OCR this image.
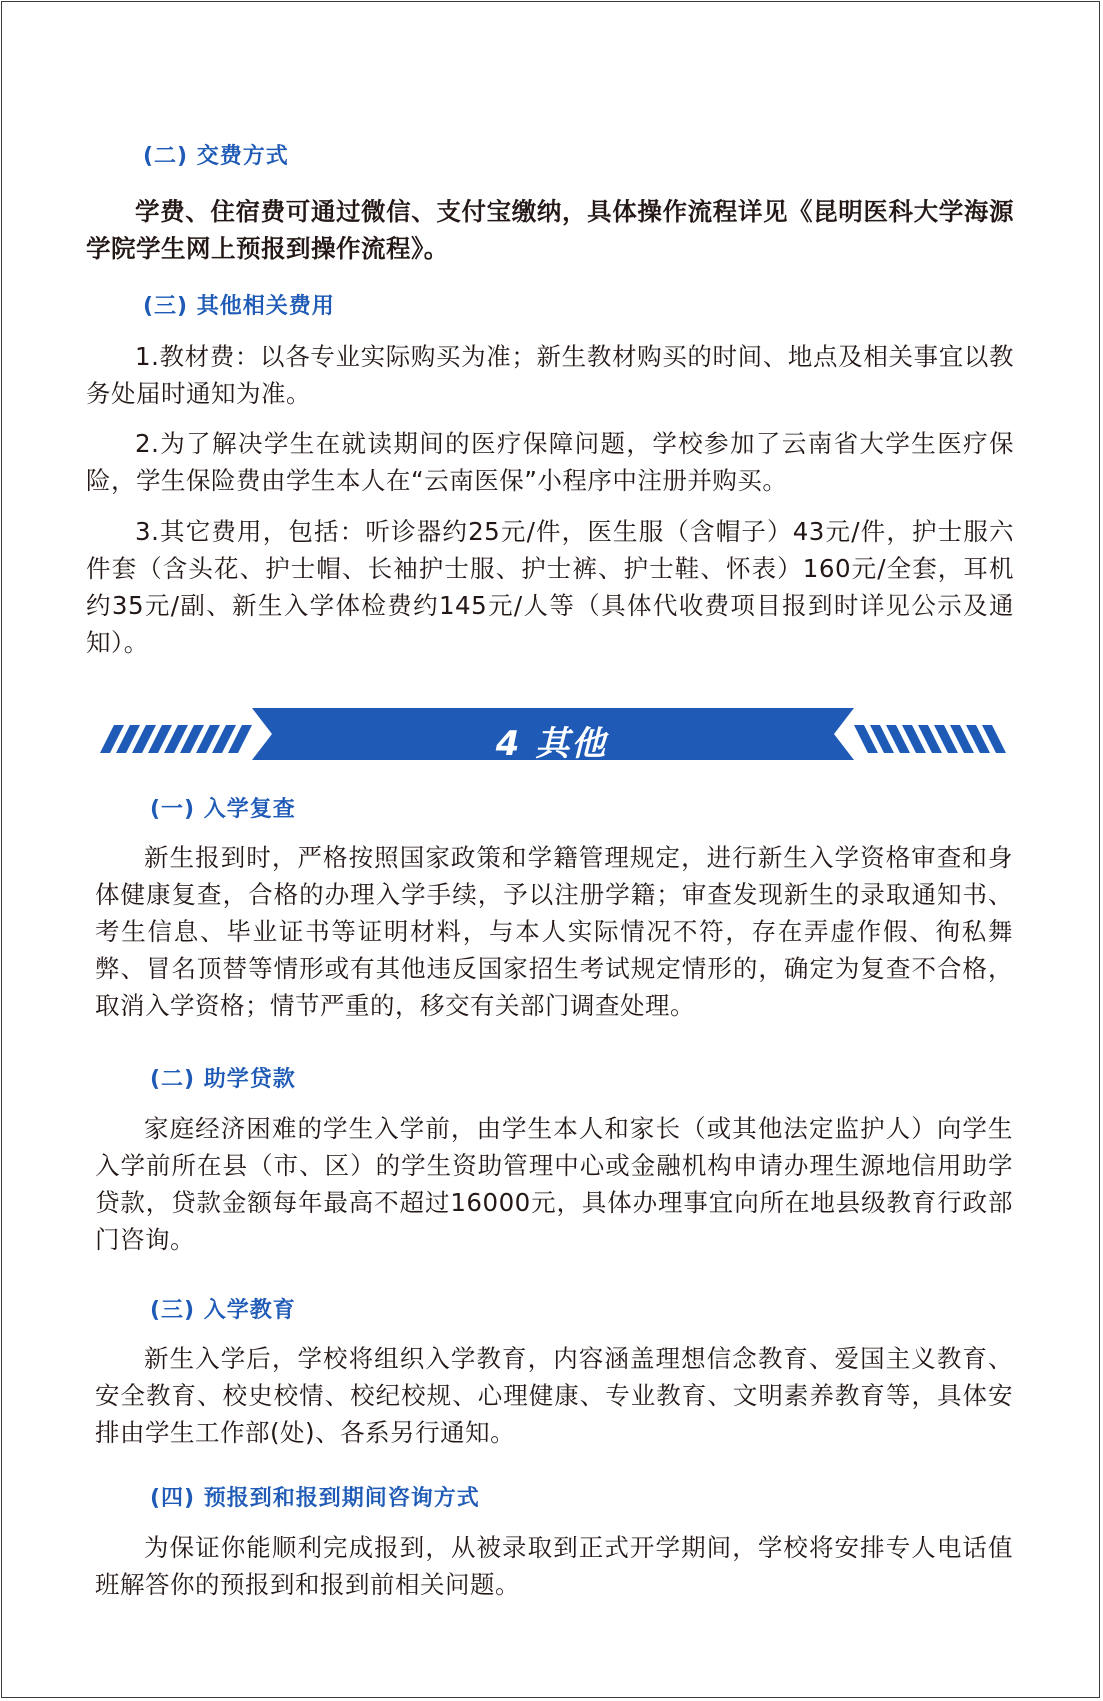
(二) 交费方式
学费、住宿费可通过微信、支付宝缴纳，具体操作流程详见《昆明医科大学海源学院学生网上预报到操作流程》。
(三) 其他相关费用
1.教材费：以各专业实际购买为准；新生教材购买的时间、地点及相关事宜以教务处届时通知为准。
2.为了解决学生在就读期间的医疗保障问题，学校参加了云南省大学生医疗保险，学生保险费由学生本人在“云南医保”小程序中注册并购买。
3.其它费用，包括：听诊器约25元/件，医生服（含帽子）43元/件，护士服六件套（含头花、护士帽、长袖护士服、护士裤、护士鞋、怀表）160元/全套，耳机约35元/副、新生入学体检费约145元/人等（具体代收费项目报到时详见公示及通知）。
4 其他
(一) 入学复查
新生报到时，严格按照国家政策和学籍管理规定，进行新生入学资格审查和身体健康复查，合格的办理入学手续，予以注册学籍；审查发现新生的录取通知书、考生信息、毕业证书等证明材料，与本人实际情况不符，存在弄虚作假、徇私舞弊、冒名顶替等情形或有其他违反国家招生考试规定情形的，确定为复查不合格，取消入学资格；情节严重的，移交有关部门调查处理。
(二) 助学贷款
家庭经济困难的学生入学前，由学生本人和家长（或其他法定监护人）向学生入学前所在县（市、区）的学生资助管理中心或金融机构申请办理生源地信用助学贷款，贷款金额每年最高不超过16000元，具体办理事宜向所在地县级教育行政部门咨询。
(三) 入学教育
新生入学后，学校将组织入学教育，内容涵盖理想信念教育、爱国主义教育、安全教育、校史校情、校纪校规、心理健康、专业教育、文明素养教育等，具体安排由学生工作部(处)、各系另行通知。
(四) 预报到和报到期间咨询方式
为保证你能顺利完成报到，从被录取到正式开学期间，学校将安排专人电话值班解答你的预报到和报到前相关问题。
